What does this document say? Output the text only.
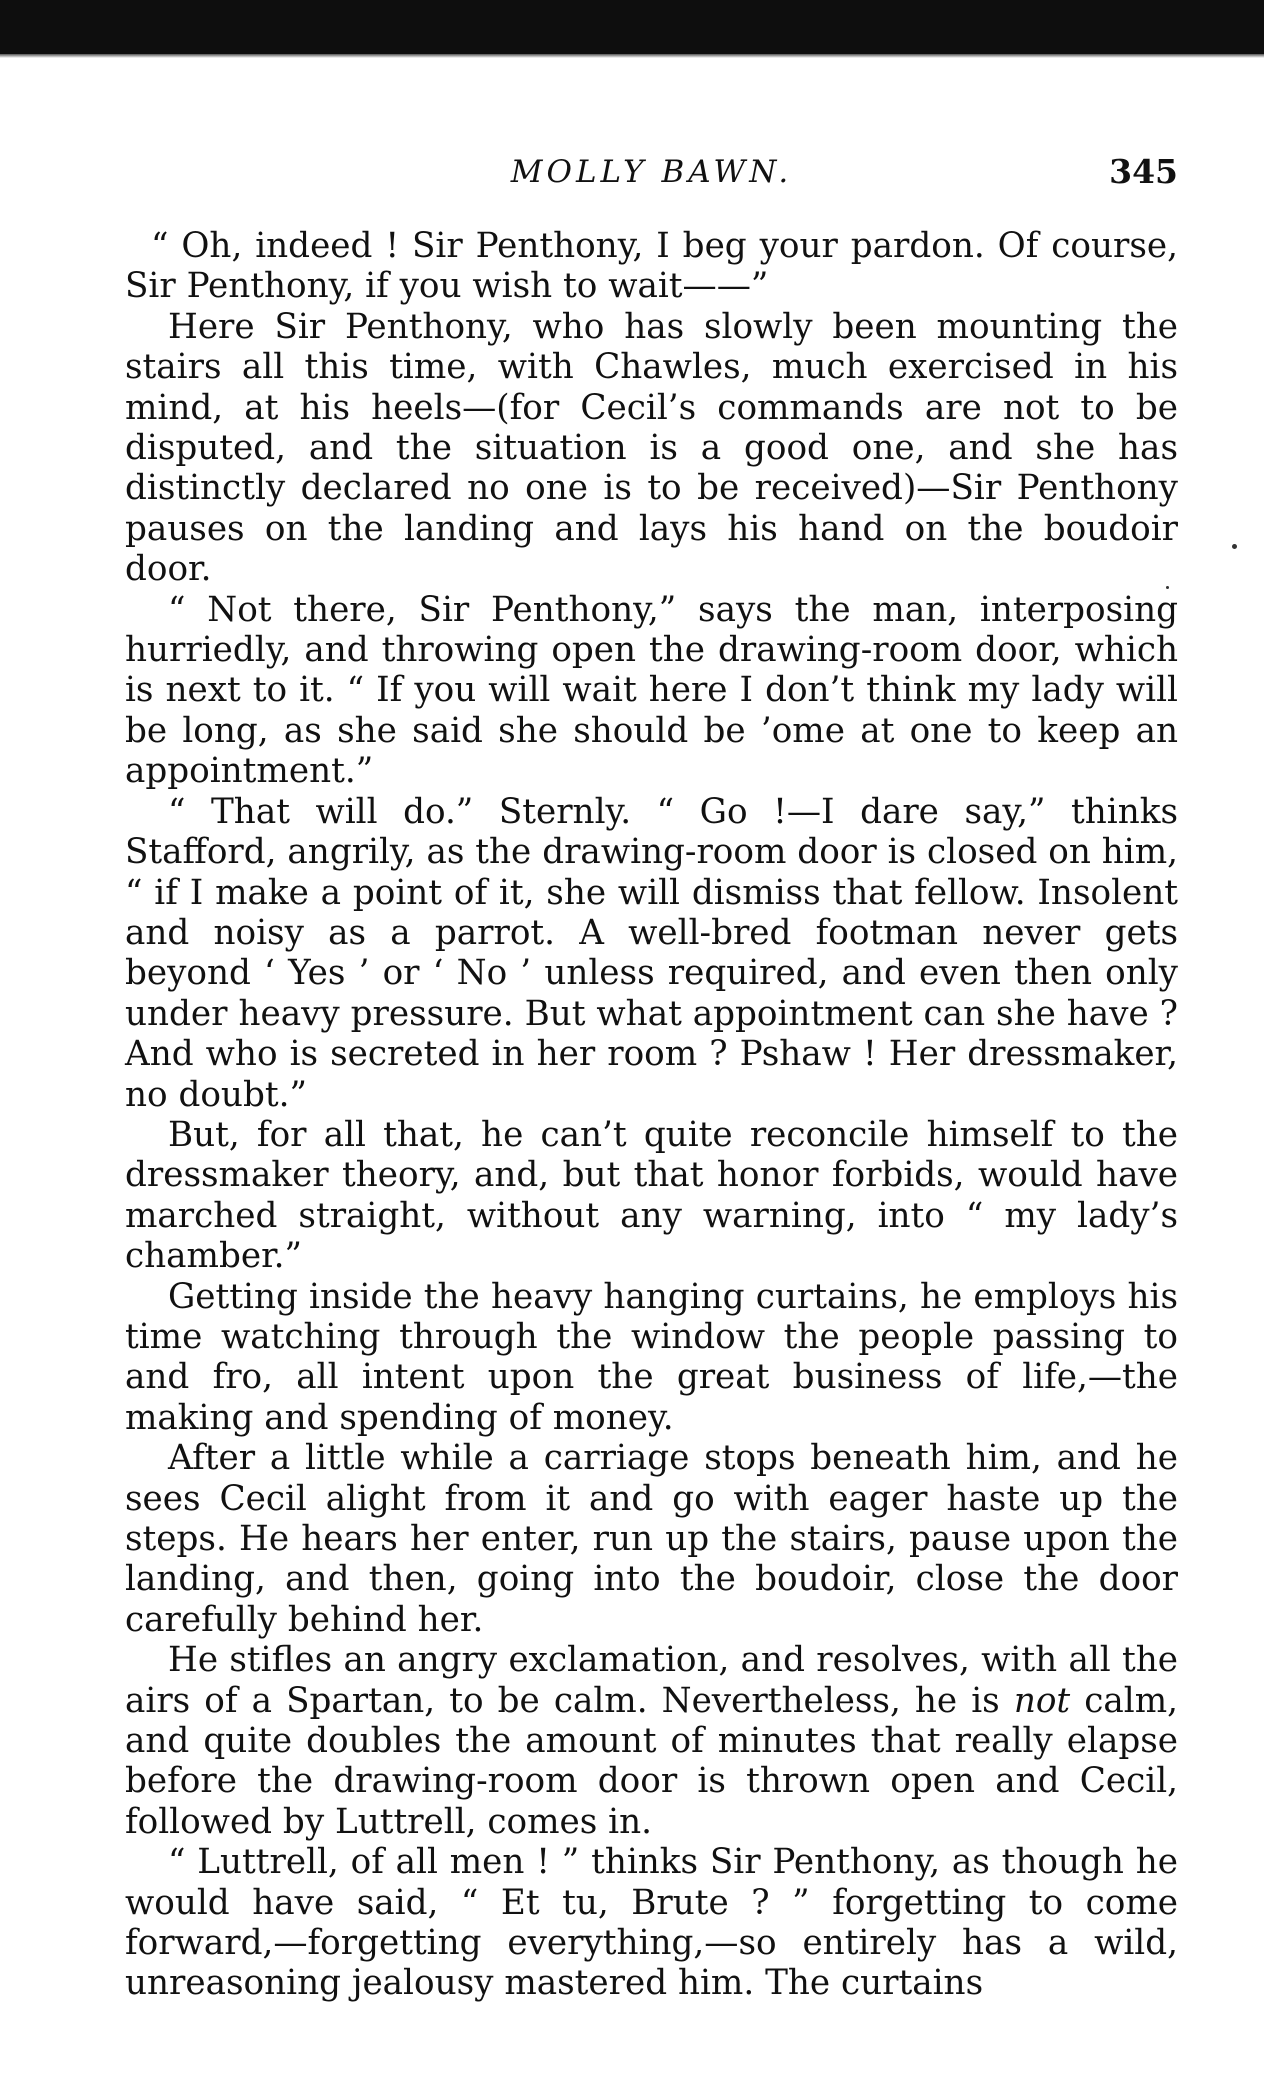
MOLLY BAWN.	345

“ Oh, indeed ! Sir Penthony, I beg your pardon. Of course, Sir Penthony, if you wish to wait——”

Here Sir Penthony, who has slowly been mounting the stairs all this time, with Chawles, much exercised in his mind, at his heels—(for Cecil’s commands are not to be disputed, and the situation is a good one, and she has distinctly declared no one is to be received)—Sir Penthony pauses on the landing and lays his hand on the boudoir door.

“ Not there, Sir Penthony,” says the man, interposing hurriedly, and throwing open the drawing-room door, which is next to it. “ If you will wait here I don’t think my lady will be long, as she said she should be ’ome at one to keep an appointment.”

“ That will do.” Sternly. “ Go !—I dare say,” thinks Stafford, angrily, as the drawing-room door is closed on him, “ if I make a point of it, she will dismiss that fellow. Insolent and noisy as a parrot. A well-bred footman never gets beyond ‘ Yes ’ or ‘ No ’ unless required, and even then only under heavy pressure. But what appointment can she have ? And who is secreted in her room ? Pshaw ! Her dressmaker, no doubt.”

But, for all that, he can’t quite reconcile himself to the dressmaker theory, and, but that honor forbids, would have marched straight, without any warning, into “ my lady’s chamber.”

Getting inside the heavy hanging curtains, he employs his time watching through the window the people passing to and fro, all intent upon the great business of life,—the making and spending of money.

After a little while a carriage stops beneath him, and he sees Cecil alight from it and go with eager haste up the steps. He hears her enter, run up the stairs, pause upon the landing, and then, going into the boudoir, close the door carefully behind her.

He stifles an angry exclamation, and resolves, with all the airs of a Spartan, to be calm. Nevertheless, he is not calm, and quite doubles the amount of minutes that really elapse before the drawing-room door is thrown open and Cecil, followed by Luttrell, comes in.

“ Luttrell, of all men ! ” thinks Sir Penthony, as though he would have said, “ Et tu, Brute ? ” forgetting to come forward,—forgetting everything,—so entirely has a wild, unreasoning jealousy mastered him. The curtains
